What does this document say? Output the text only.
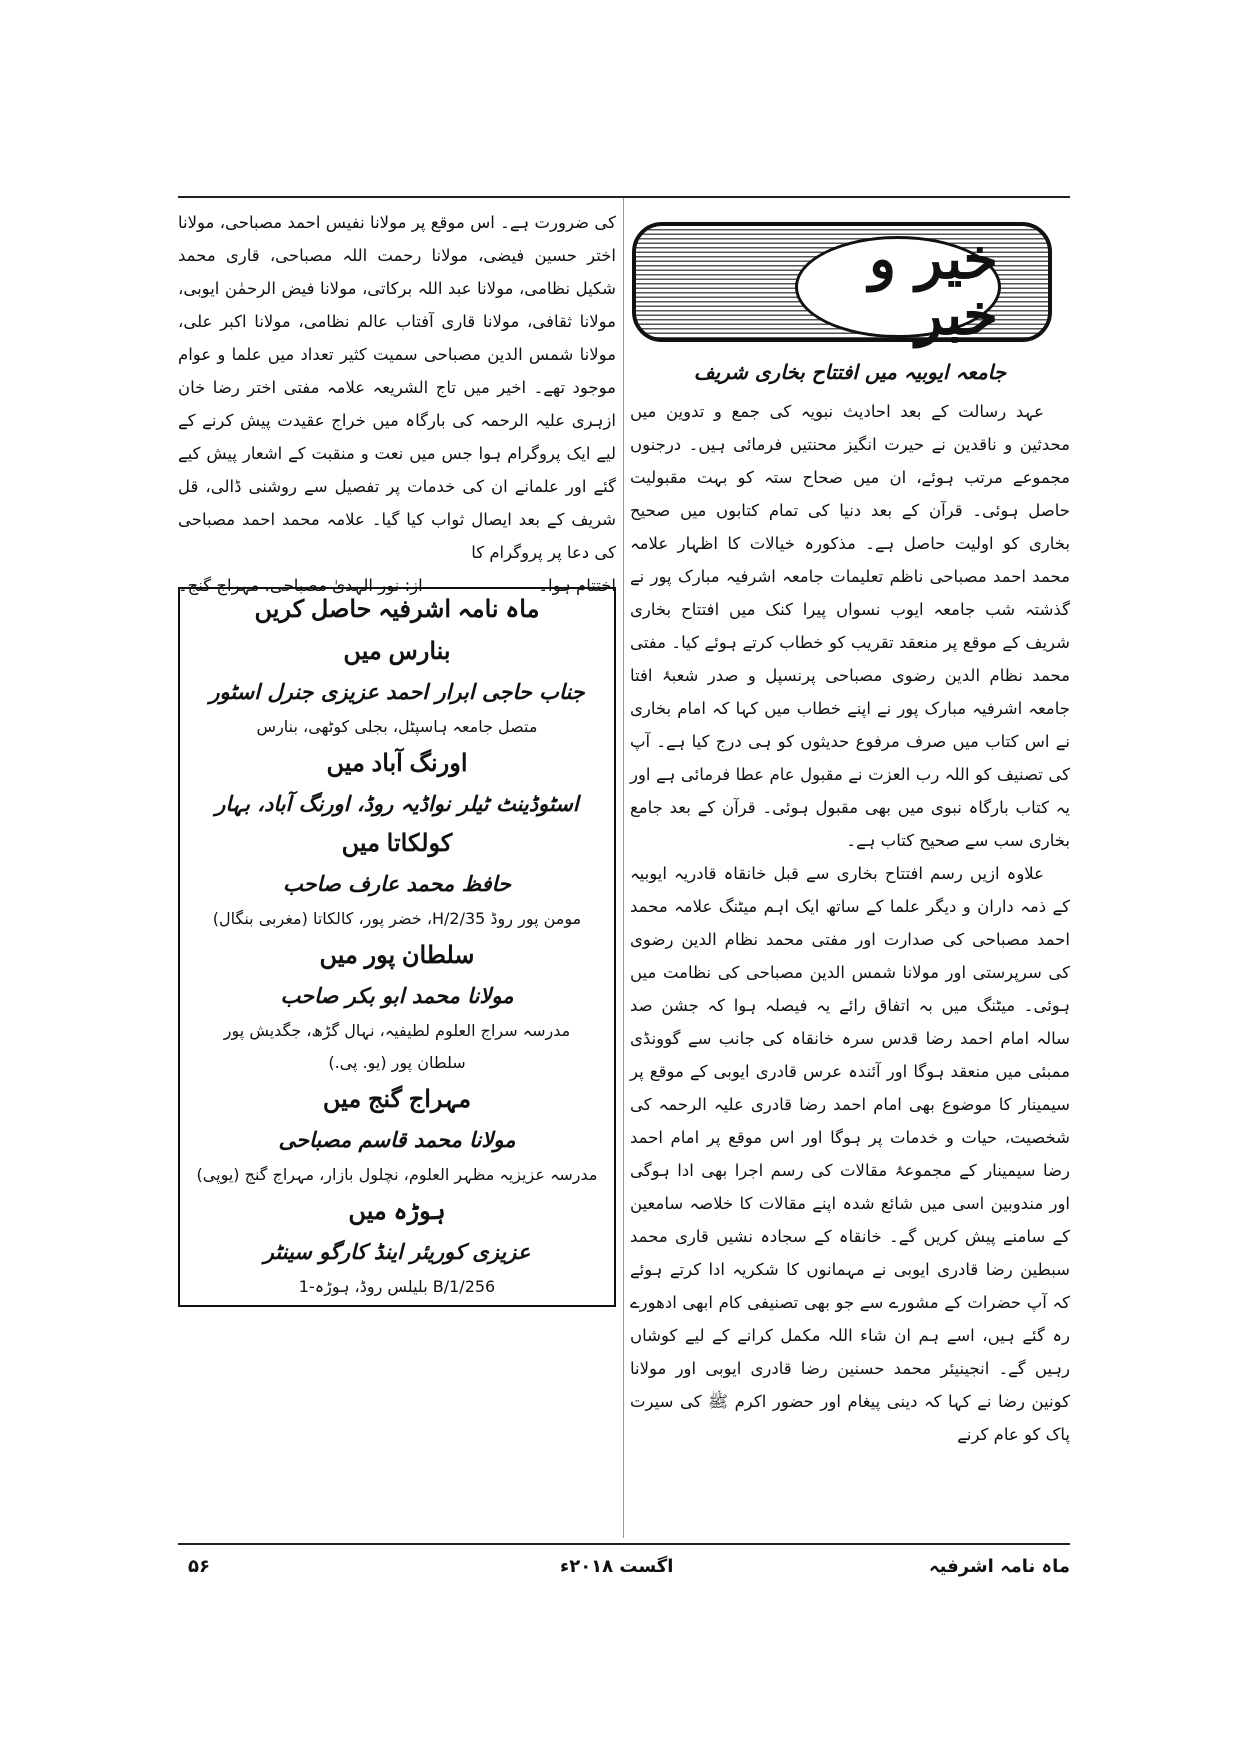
خیر و خبر
جامعہ ایوبیہ میں افتتاح بخاری شریف

عہد رسالت کے بعد احادیث نبویہ کی جمع و تدوین میں محدثین و ناقدین نے حیرت انگیز محنتیں فرمائی ہیں۔ درجنوں مجموعے مرتب ہوئے، ان میں صحاح ستہ کو بہت مقبولیت حاصل ہوئی۔ قرآن کے بعد دنیا کی تمام کتابوں میں صحیح بخاری کو اولیت حاصل ہے۔ مذکورہ خیالات کا اظہار علامہ محمد احمد مصباحی ناظم تعلیمات جامعہ اشرفیہ مبارک پور نے گذشتہ شب جامعہ ایوب نسواں پیرا کنک میں افتتاح بخاری شریف کے موقع پر منعقد تقریب کو خطاب کرتے ہوئے کیا۔ مفتی محمد نظام الدین رضوی مصباحی پرنسپل و صدر شعبۂ افتا جامعہ اشرفیہ مبارک پور نے اپنے خطاب میں کہا کہ امام بخاری نے اس کتاب میں صرف مرفوع حدیثوں کو ہی درج کیا ہے۔ آپ کی تصنیف کو اللہ رب العزت نے مقبول عام عطا فرمائی ہے اور یہ کتاب بارگاہ نبوی میں بھی مقبول ہوئی۔ قرآن کے بعد جامع بخاری سب سے صحیح کتاب ہے۔

علاوہ ازیں رسم افتتاح بخاری سے قبل خانقاہ قادریہ ایوبیہ کے ذمہ داران و دیگر علما کے ساتھ ایک اہم میٹنگ علامہ محمد احمد مصباحی کی صدارت اور مفتی محمد نظام الدین رضوی کی سرپرستی اور مولانا شمس الدین مصباحی کی نظامت میں ہوئی۔ میٹنگ میں بہ اتفاق رائے یہ فیصلہ ہوا کہ جشن صد سالہ امام احمد رضا قدس سرہ خانقاہ کی جانب سے گوونڈی ممبئی میں منعقد ہوگا اور آئندہ عرس قادری ایوبی کے موقع پر سیمینار کا موضوع بھی امام احمد رضا قادری علیہ الرحمہ کی شخصیت، حیات و خدمات پر ہوگا اور اس موقع پر امام احمد رضا سیمینار کے مجموعۂ مقالات کی رسم اجرا بھی ادا ہوگی اور مندوبین اسی میں شائع شدہ اپنے مقالات کا خلاصہ سامعین کے سامنے پیش کریں گے۔ خانقاہ کے سجادہ نشیں قاری محمد سبطین رضا قادری ایوبی نے مہمانوں کا شکریہ ادا کرتے ہوئے کہ آپ حضرات کے مشورے سے جو بھی تصنیفی کام ابھی ادھورے رہ گئے ہیں، اسے ہم ان شاء اللہ مکمل کرانے کے لیے کوشاں رہیں گے۔ انجینیئر محمد حسنین رضا قادری ایوبی اور مولانا کونین رضا نے کہا کہ دینی پیغام اور حضور اکرم ﷺ کی سیرت پاک کو عام کرنے

کی ضرورت ہے۔ اس موقع پر مولانا نفیس احمد مصباحی، مولانا اختر حسین فیضی، مولانا رحمت اللہ مصباحی، قاری محمد شکیل نظامی، مولانا عبد اللہ برکاتی، مولانا فیض الرحمٰن ایوبی، مولانا ثقافی، مولانا قاری آفتاب عالم نظامی، مولانا اکبر علی، مولانا شمس الدین مصباحی سمیت کثیر تعداد میں علما و عوام موجود تھے۔ اخیر میں تاج الشریعہ علامہ مفتی اختر رضا خان ازہری علیہ الرحمہ کی بارگاہ میں خراج عقیدت پیش کرنے کے لیے ایک پروگرام ہوا جس میں نعت و منقبت کے اشعار پیش کیے گئے اور علمانے ان کی خدمات پر تفصیل سے روشنی ڈالی، قل شریف کے بعد ایصال ثواب کیا گیا۔ علامہ محمد احمد مصباحی کی دعا پر پروگرام کا

اختتام ہوا۔
از: نور الہدیٰ مصباحی، مہراج گنج۔
ماہ نامہ اشرفیہ حاصل کریں
بنارس میں
جناب حاجی ابرار احمد عزیزی جنرل اسٹور
متصل جامعہ ہاسپٹل، بجلی کوٹھی، بنارس
اورنگ آباد میں
اسٹوڈینٹ ٹیلر نواڈیہ روڈ، اورنگ آباد، بہار
کولکاتا میں
حافظ محمد عارف صاحب
مومن پور روڈ 35/H/2، خضر پور، کالکاتا (مغربی بنگال)
سلطان پور میں
مولانا محمد ابو بکر صاحب
مدرسہ سراج العلوم لطیفیہ، نہال گڑھ، جگدیش پور
سلطان پور (یو. پی.)
مہراج گنج میں
مولانا محمد قاسم مصباحی
مدرسہ عزیزیہ مظہر العلوم، نچلول بازار، مہراج گنج (یوپی)
ہوڑہ میں
عزیزی کوریئر اینڈ کارگو سینٹر
256/B/1 بلیلس روڈ، ہوڑہ-1
ماہ نامہ اشرفیہ
اگست ۲۰۱۸ء
۵۶
